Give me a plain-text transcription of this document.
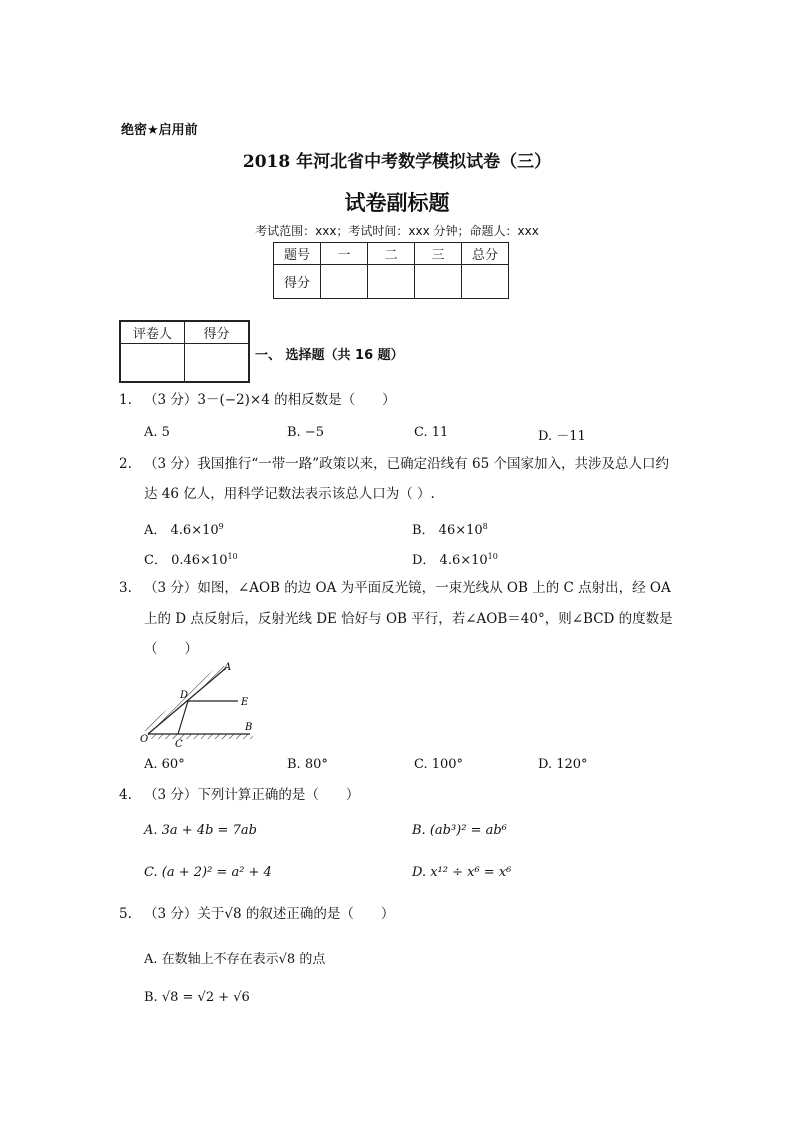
绝密★启用前
2018 年河北省中考数学模拟试卷（三）
试卷副标题
考试范围：xxx；考试时间：xxx 分钟；命题人：xxx
题号	一	二	三	总分
得分				
评卷人	得分

一、 选择题（共 16 题）
1. （3 分）3－(−2)×4 的相反数是（　　）
A. 5	B. −5	C. 11	D. －11
2. （3 分）我国推行“一带一路”政策以来，已确定沿线有 65 个国家加入，共涉及总人口约
达 46 亿人，用科学记数法表示该总人口为（ ）.
A． $4.6\times 10^9$	B． $46\times 10^8$
C． $0.46\times 10^{10}$	D． $4.6\times 10^{10}$
3. （3 分）如图，∠AOB 的边 OA 为平面反光镜，一束光线从 OB 上的 C 点射出，经 OA
上的 D 点反射后，反射光线 DE 恰好与 OB 平行，若∠AOB＝40°，则∠BCD 的度数是
（　　）
A
D
E
B
O	C
A. 60°	B. 80°	C. 100°	D. 120°
4. （3 分）下列计算正确的是（　　）
A. 3a + 4b = 7ab	B. (ab³)² = ab⁶
C. (a + 2)² = a² + 4	D. x¹² ÷ x⁶ = x⁶
5. （3 分）关于√8 的叙述正确的是（　　）
A. 在数轴上不存在表示√8 的点
B. √8 = √2 + √6
